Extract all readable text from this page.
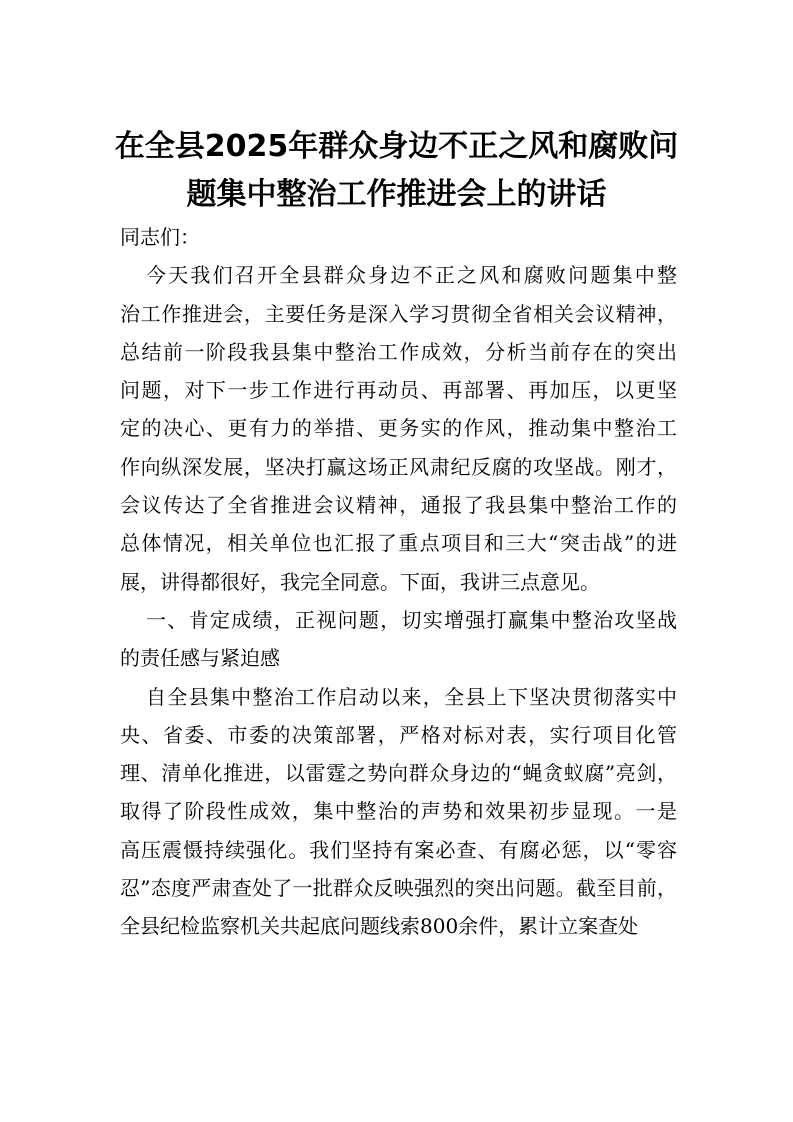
在全县2025年群众身边不正之风和腐败问
题集中整治工作推进会上的讲话
同志们：
今天我们召开全县群众身边不正之风和腐败问题集中整
治工作推进会，主要任务是深入学习贯彻全省相关会议精神，
总结前一阶段我县集中整治工作成效，分析当前存在的突出
问题，对下一步工作进行再动员、再部署、再加压，以更坚
定的决心、更有力的举措、更务实的作风，推动集中整治工
作向纵深发展，坚决打赢这场正风肃纪反腐的攻坚战。刚才，
会议传达了全省推进会议精神，通报了我县集中整治工作的
总体情况，相关单位也汇报了重点项目和三大“突击战”的进
展，讲得都很好，我完全同意。下面，我讲三点意见。
一、肯定成绩，正视问题，切实增强打赢集中整治攻坚战
的责任感与紧迫感
自全县集中整治工作启动以来，全县上下坚决贯彻落实中
央、省委、市委的决策部署，严格对标对表，实行项目化管
理、清单化推进，以雷霆之势向群众身边的“蝇贪蚁腐”亮剑，
取得了阶段性成效，集中整治的声势和效果初步显现。一是
高压震慑持续强化。我们坚持有案必查、有腐必惩，以“零容
忍”态度严肃查处了一批群众反映强烈的突出问题。截至目前，
全县纪检监察机关共起底问题线索800余件，累计立案查处
